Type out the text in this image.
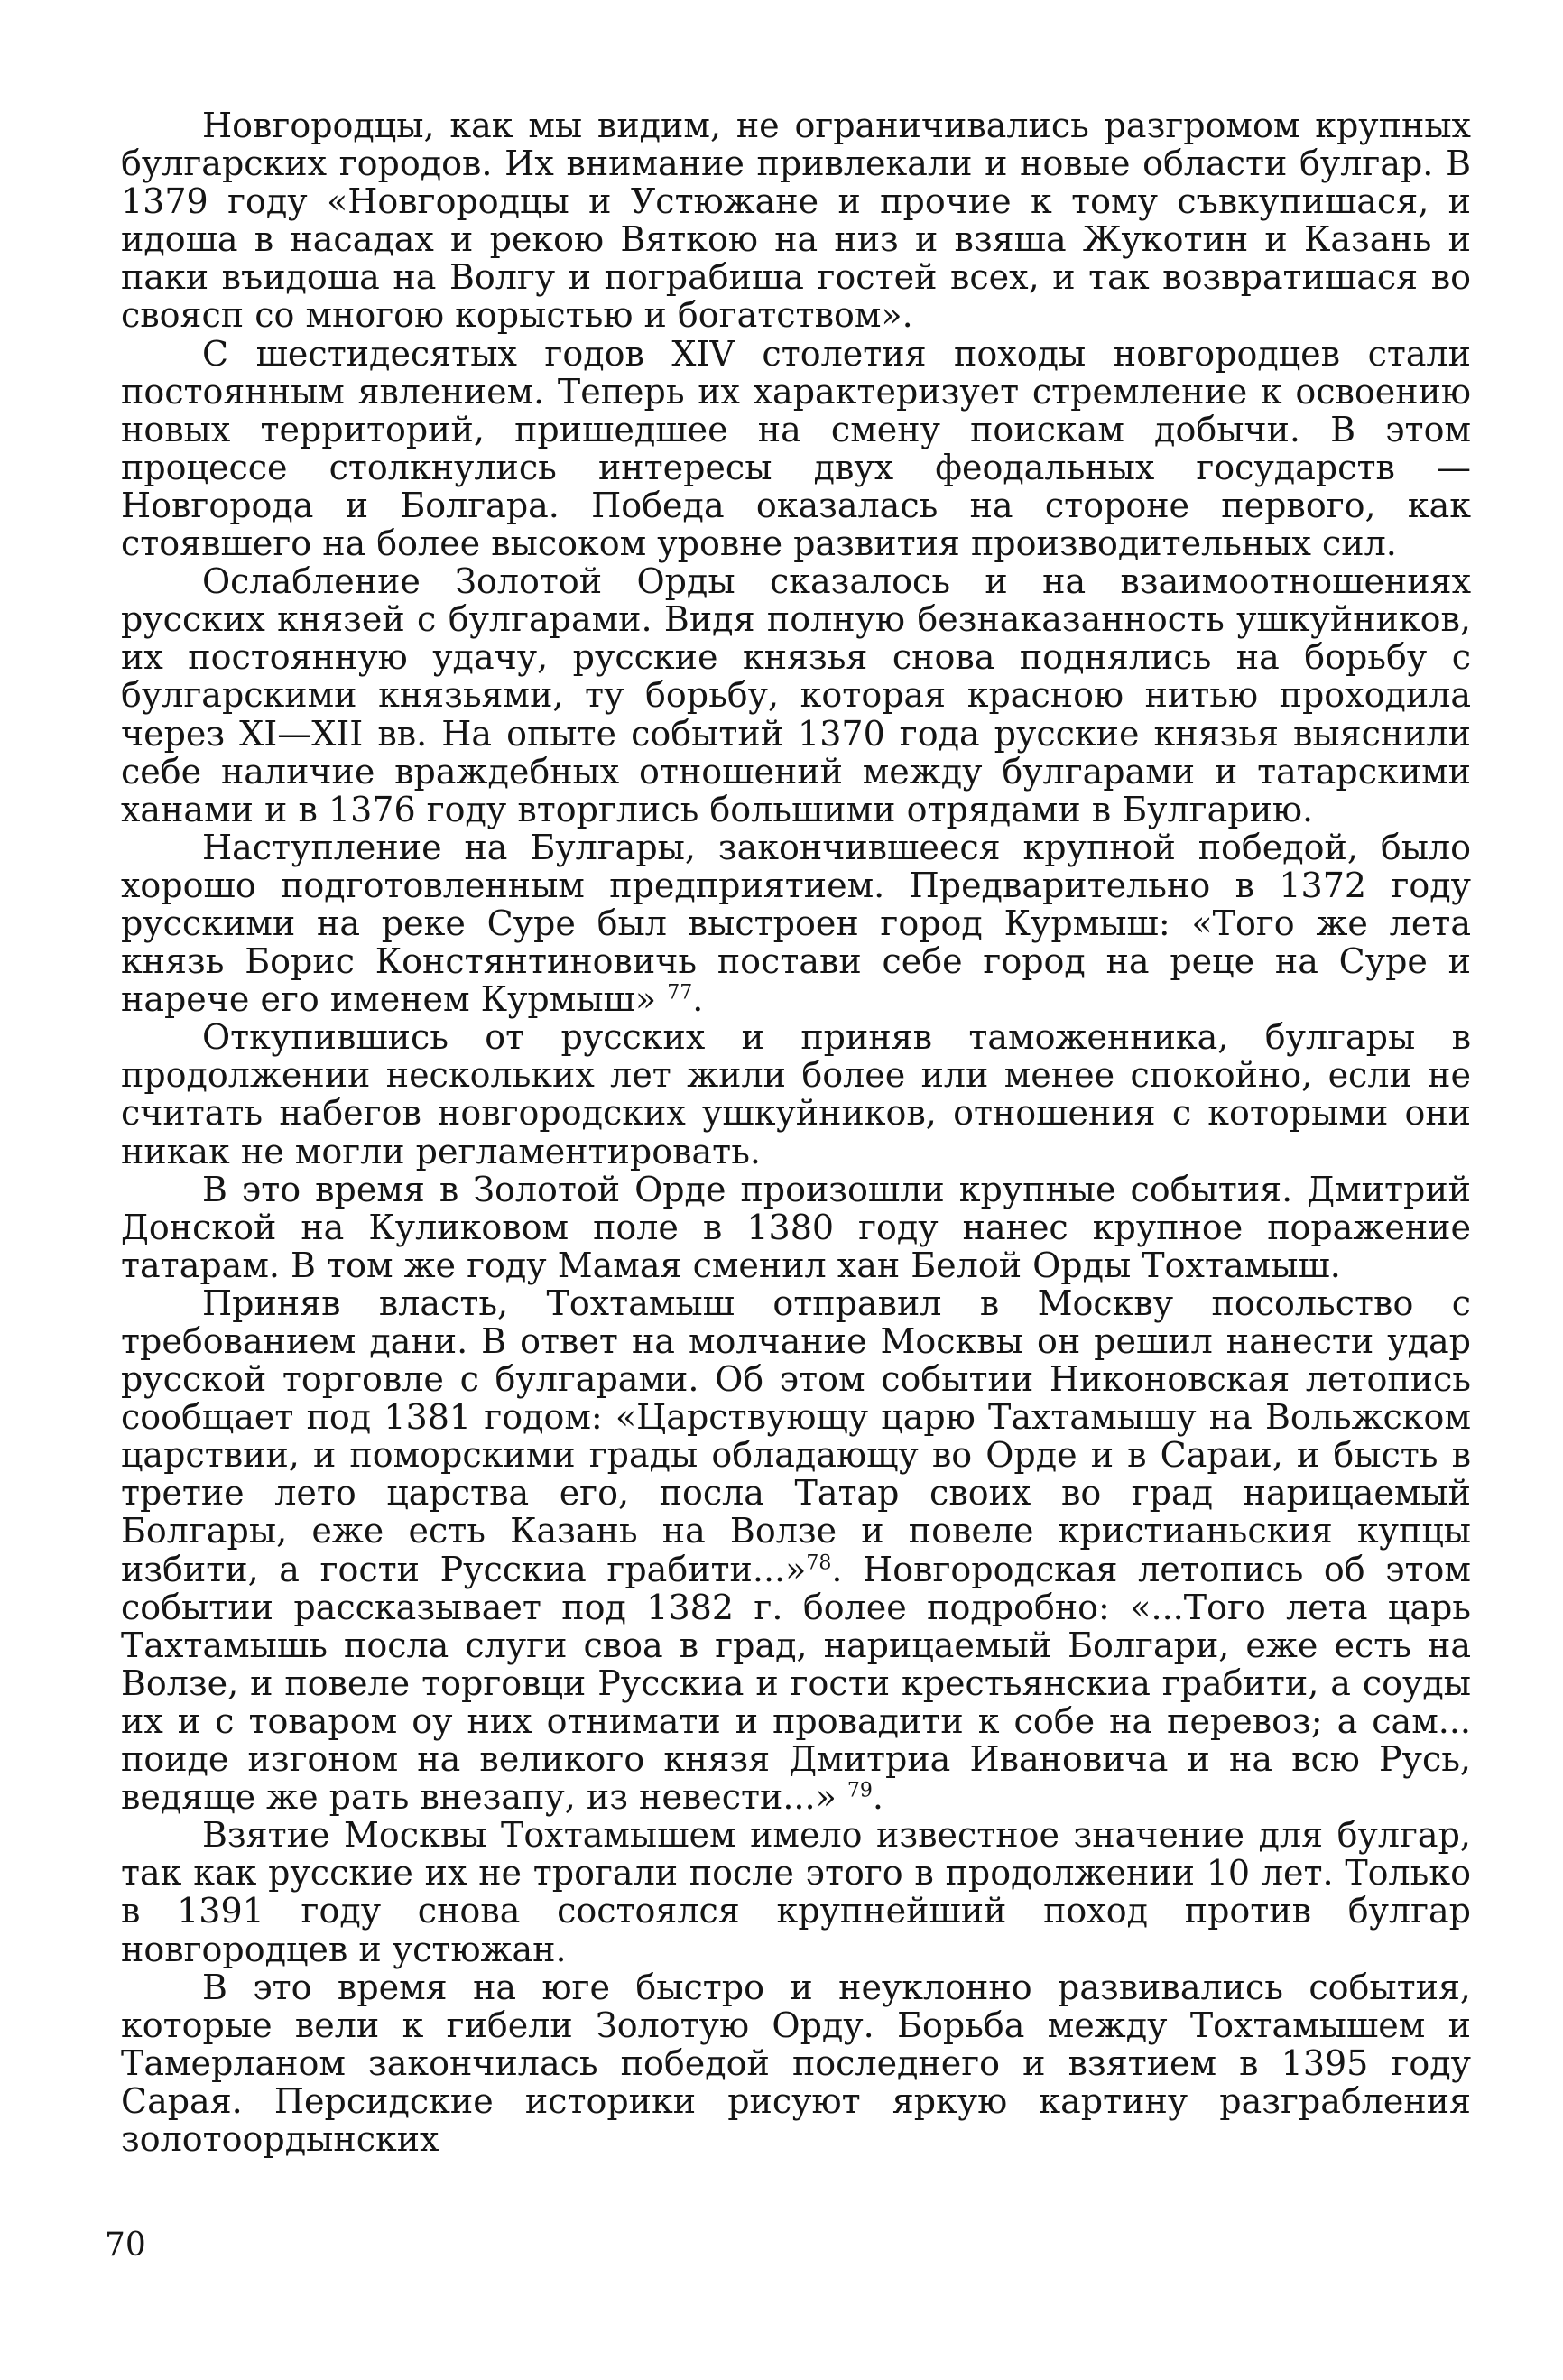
Новгородцы, как мы видим, не ограничивались разгромом крупных булгарских городов. Их внимание привлекали и новые области булгар. В 1379 году «Новгородцы и Устюжане и прочие к тому съвкупишася, и идоша в насадах и рекою Вяткою на низ и взяша Жукотин и Казань и паки въидоша на Волгу и пограбиша гостей всех, и так возвратишася во своясп со многою корыстью и богатством».

С шестидесятых годов XIV столетия походы новгородцев стали постоянным явлением. Теперь их характеризует стремление к освоению новых территорий, пришедшее на смену поискам добычи. В этом процессе столкнулись интересы двух феодальных государств — Новгорода и Болгара. Победа оказалась на стороне первого, как стоявшего на более высоком уровне развития производительных сил.

Ослабление Золотой Орды сказалось и на взаимоотношениях русских князей с булгарами. Видя полную безнаказанность ушкуйников, их постоянную удачу, русские князья снова поднялись на борьбу с булгарскими князьями, ту борьбу, которая красною нитью проходила через XI—XII вв. На опыте событий 1370 года русские князья выяснили себе наличие враждебных отношений между булгарами и татарскими ханами и в 1376 году вторглись большими отрядами в Булгарию.

Наступление на Булгары, закончившееся крупной победой, было хорошо подготовленным предприятием. Предварительно в 1372 году русскими на реке Суре был выстроен город Курмыш: «Того же лета князь Борис Констянтиновичь постави себе город на реце на Суре и нарече его именем Курмыш» $^{77}$.

Откупившись от русских и приняв таможенника, булгары в продолжении нескольких лет жили более или менее спокойно, если не считать набегов новгородских ушкуйников, отношения с которыми они никак не могли регламентировать.

В это время в Золотой Орде произошли крупные события. Дмитрий Донской на Куликовом поле в 1380 году нанес крупное поражение татарам. В том же году Мамая сменил хан Белой Орды Тохтамыш.

Приняв власть, Тохтамыш отправил в Москву посольство с требованием дани. В ответ на молчание Москвы он решил нанести удар русской торговле с булгарами. Об этом событии Никоновская летопись сообщает под 1381 годом: «Царствующу царю Тахтамышу на Вольжском царствии, и поморскими грады обладающу во Орде и в Сараи, и бысть в третие лето царства его, посла Татар своих во град нарицаемый Болгары, еже есть Казань на Волзе и повеле кристианьския купцы избити, а гости Русскиа грабити...»$^{78}$. Новгородская летопись об этом событии рассказывает под 1382 г. более подробно: «...Того лета царь Тахтамышь посла слуги своа в град, нарицаемый Болгари, еже есть на Волзе, и повеле торговци Русскиа и гости крестьянскиа грабити, а соуды их и с товаром оу них отнимати и провадити к собе на перевоз; а сам... поиде изгоном на великого князя Дмитриа Ивановича и на всю Русь, ведяще же рать внезапу, из невести...» $^{79}$.

Взятие Москвы Тохтамышем имело известное значение для булгар, так как русские их не трогали после этого в продолжении 10 лет. Только в 1391 году снова состоялся крупнейший поход против булгар новгородцев и устюжан.

В это время на юге быстро и неуклонно развивались события, которые вели к гибели Золотую Орду. Борьба между Тохтамышем и Тамерланом закончилась победой последнего и взятием в 1395 году Сарая. Персидские историки рисуют яркую картину разграбления золотоордынских

70
